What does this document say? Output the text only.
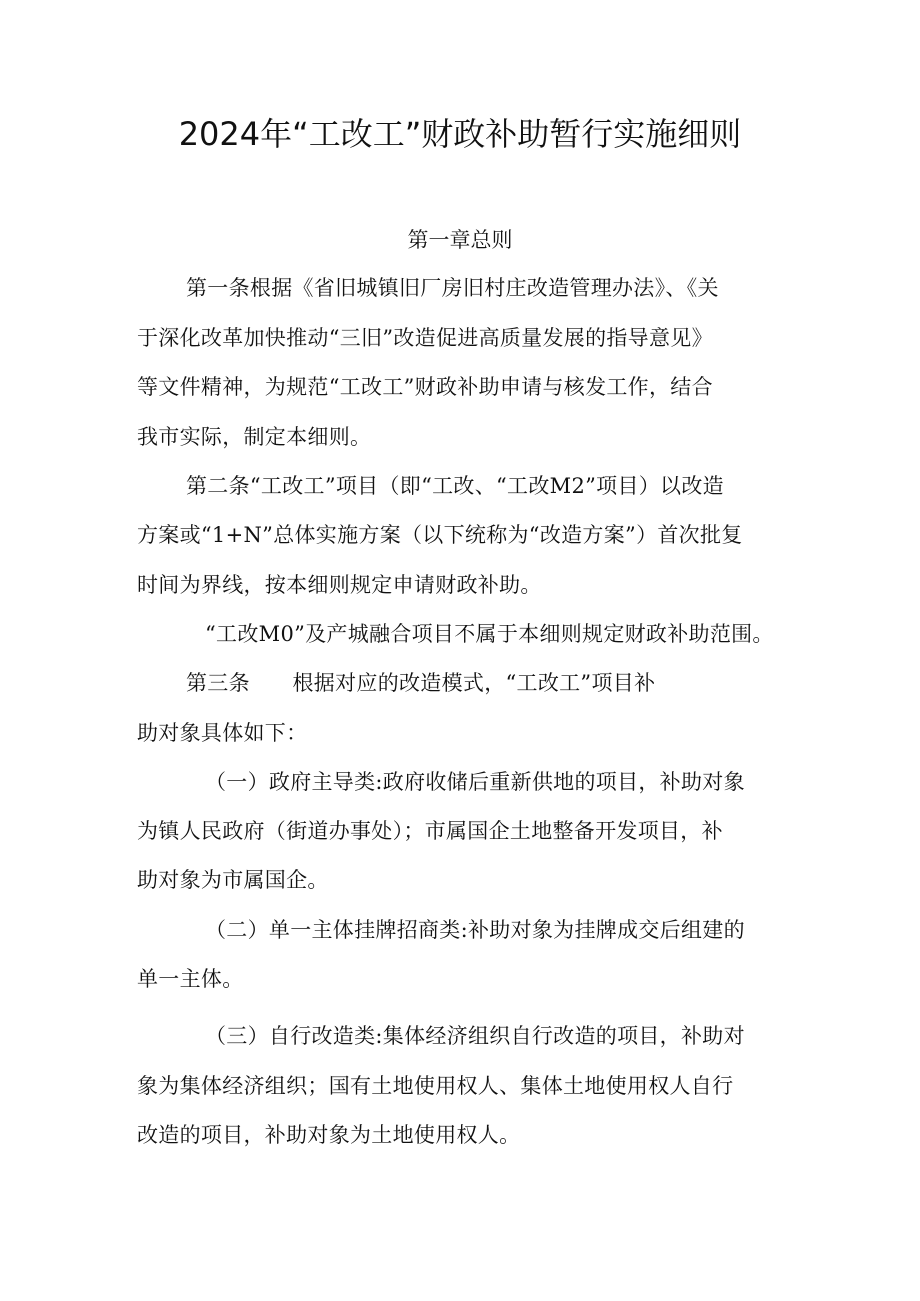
2024年“工改工”财政补助暂行实施细则
第一章总则
第一条根据《省旧城镇旧厂房旧村庄改造管理办法》、《关
于深化改革加快推动“三旧”改造促进高质量发展的指导意见》
等文件精神，为规范“工改工”财政补助申请与核发工作，结合
我市实际，制定本细则。
第二条“工改工”项目（即“工改、“工改M2”项目）以改造
方案或“1+N”总体实施方案（以下统称为“改造方案”）首次批复
时间为界线，按本细则规定申请财政补助。
“工改M0”及产城融合项目不属于本细则规定财政补助范围。
第三条　　根据对应的改造模式，“工改工”项目补
助对象具体如下：
（一）政府主导类:政府收储后重新供地的项目，补助对象
为镇人民政府（街道办事处）；市属国企土地整备开发项目，补
助对象为市属国企。
（二）单一主体挂牌招商类:补助对象为挂牌成交后组建的
单一主体。
（三）自行改造类:集体经济组织自行改造的项目，补助对
象为集体经济组织；国有土地使用权人、集体土地使用权人自行
改造的项目，补助对象为土地使用权人。
